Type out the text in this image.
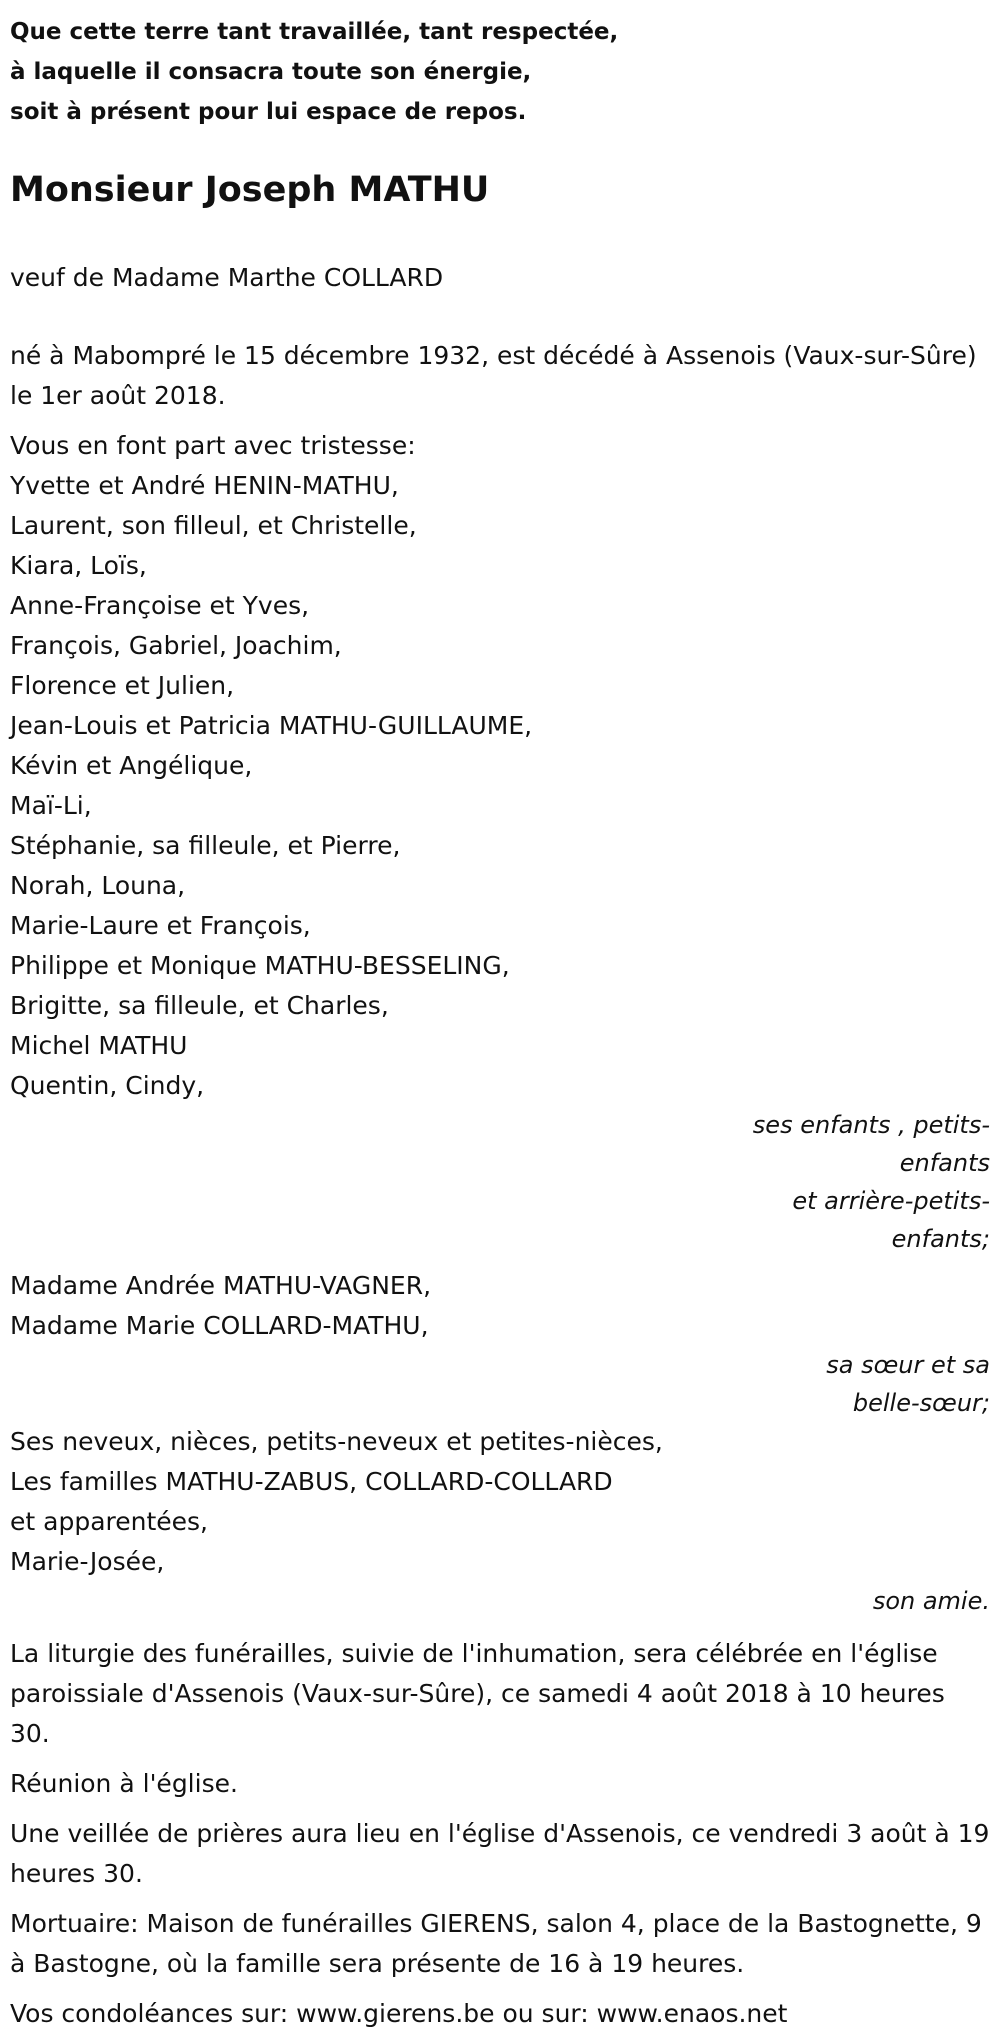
Que cette terre tant travaillée, tant respectée,
à laquelle il consacra toute son énergie,
soit à présent pour lui espace de repos.
Monsieur Joseph MATHU

veuf de Madame Marthe COLLARD

né à Mabompré le 15 décembre 1932, est décédé à Assenois (Vaux-sur-Sûre) le 1er août 2018.

Vous en font part avec tristesse:

Yvette et André HENIN-MATHU,
Laurent, son filleul, et Christelle,
Kiara, Loïs,
Anne-Françoise et Yves,
François, Gabriel, Joachim,
Florence et Julien,
Jean-Louis et Patricia MATHU-GUILLAUME,
Kévin et Angélique,
Maï-Li,
Stéphanie, sa filleule, et Pierre,
Norah, Louna,
Marie-Laure et François,
Philippe et Monique MATHU-BESSELING,
Brigitte, sa filleule, et Charles,
Michel MATHU
Quentin, Cindy,
ses enfants , petits-enfants
et arrière-petits-enfants;
Madame Andrée MATHU-VAGNER,
Madame Marie COLLARD-MATHU,
sa sœur et sa belle-sœur;
Ses neveux, nièces, petits-neveux et petites-nièces,
Les familles MATHU-ZABUS, COLLARD-COLLARD
et apparentées,
Marie-Josée,
son amie.

La liturgie des funérailles, suivie de l'inhumation, sera célébrée en l'église paroissiale d'Assenois (Vaux-sur-Sûre), ce samedi 4 août 2018 à 10 heures 30.

Réunion à l'église.

Une veillée de prières aura lieu en l'église d'Assenois, ce vendredi 3 août à 19 heures 30.

Mortuaire: Maison de funérailles GIERENS, salon 4, place de la Bastognette, 9 à Bastogne, où la famille sera présente de 16 à 19 heures.

Vos condoléances sur: www.gierens.be ou sur: www.enaos.net
